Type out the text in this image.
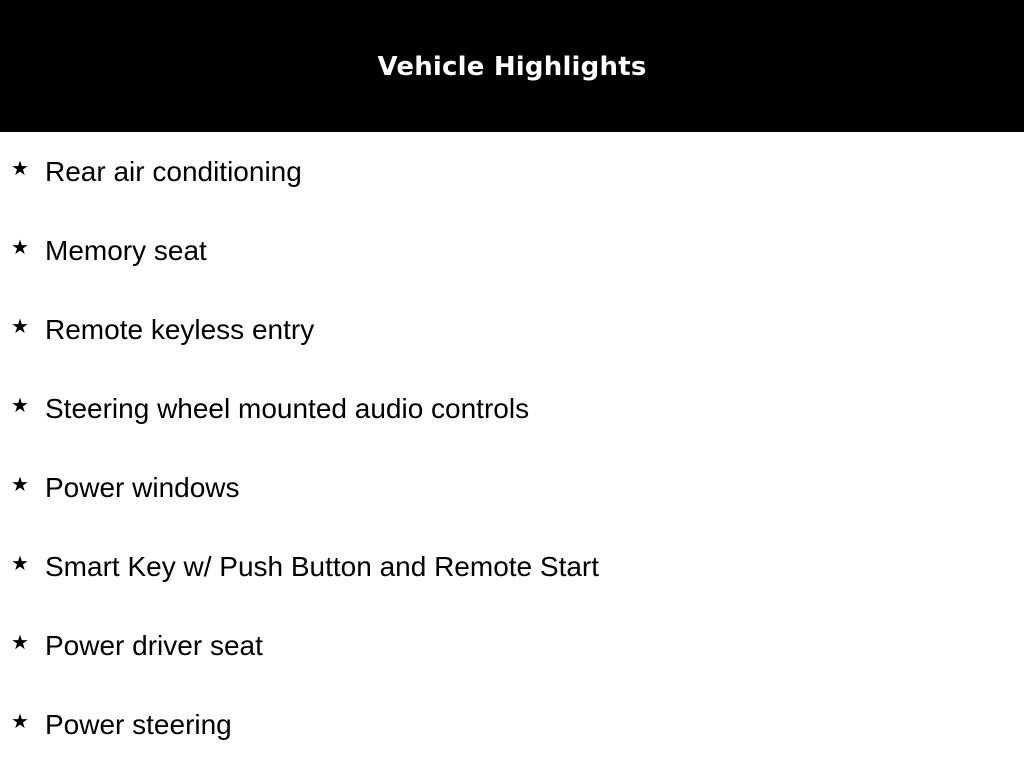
Vehicle Highlights
★ Rear air conditioning
★ Memory seat
★ Remote keyless entry
★ Steering wheel mounted audio controls
★ Power windows
★ Smart Key w/ Push Button and Remote Start
★ Power driver seat
★ Power steering
